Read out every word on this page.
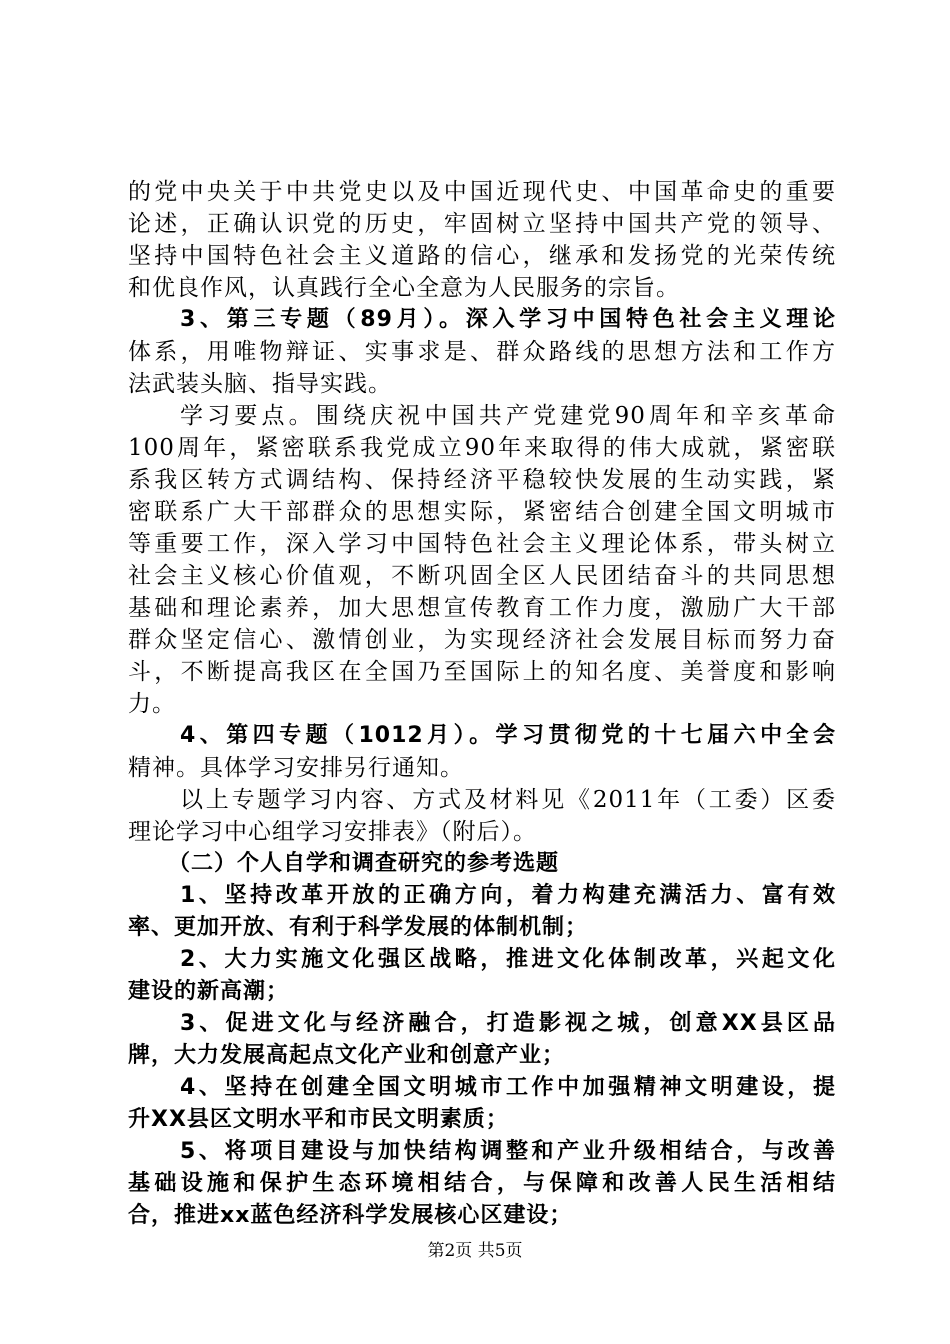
的党中央关于中共党史以及中国近现代史、中国革命史的重要
论述，正确认识党的历史，牢固树立坚持中国共产党的领导、
坚持中国特色社会主义道路的信心，继承和发扬党的光荣传统
和优良作风，认真践行全心全意为人民服务的宗旨。
3、第三专题（89月）。深入学习中国特色社会主义理论
体系，用唯物辩证、实事求是、群众路线的思想方法和工作方
法武装头脑、指导实践。
学习要点。围绕庆祝中国共产党建党90周年和辛亥革命
100周年，紧密联系我党成立90年来取得的伟大成就，紧密联
系我区转方式调结构、保持经济平稳较快发展的生动实践，紧
密联系广大干部群众的思想实际，紧密结合创建全国文明城市
等重要工作，深入学习中国特色社会主义理论体系，带头树立
社会主义核心价值观，不断巩固全区人民团结奋斗的共同思想
基础和理论素养，加大思想宣传教育工作力度，激励广大干部
群众坚定信心、激情创业，为实现经济社会发展目标而努力奋
斗，不断提高我区在全国乃至国际上的知名度、美誉度和影响
力。
4、第四专题（1012月）。学习贯彻党的十七届六中全会
精神。具体学习安排另行通知。
以上专题学习内容、方式及材料见《2011年（工委）区委
理论学习中心组学习安排表》（附后）。
（二）个人自学和调查研究的参考选题
1、坚持改革开放的正确方向，着力构建充满活力、富有效
率、更加开放、有利于科学发展的体制机制；
2、大力实施文化强区战略，推进文化体制改革，兴起文化
建设的新高潮；
3、促进文化与经济融合，打造影视之城，创意XX县区品
牌，大力发展高起点文化产业和创意产业；
4、坚持在创建全国文明城市工作中加强精神文明建设，提
升XX县区文明水平和市民文明素质；
5、将项目建设与加快结构调整和产业升级相结合，与改善
基础设施和保护生态环境相结合，与保障和改善人民生活相结
合，推进xx蓝色经济科学发展核心区建设；
第2页 共5页
